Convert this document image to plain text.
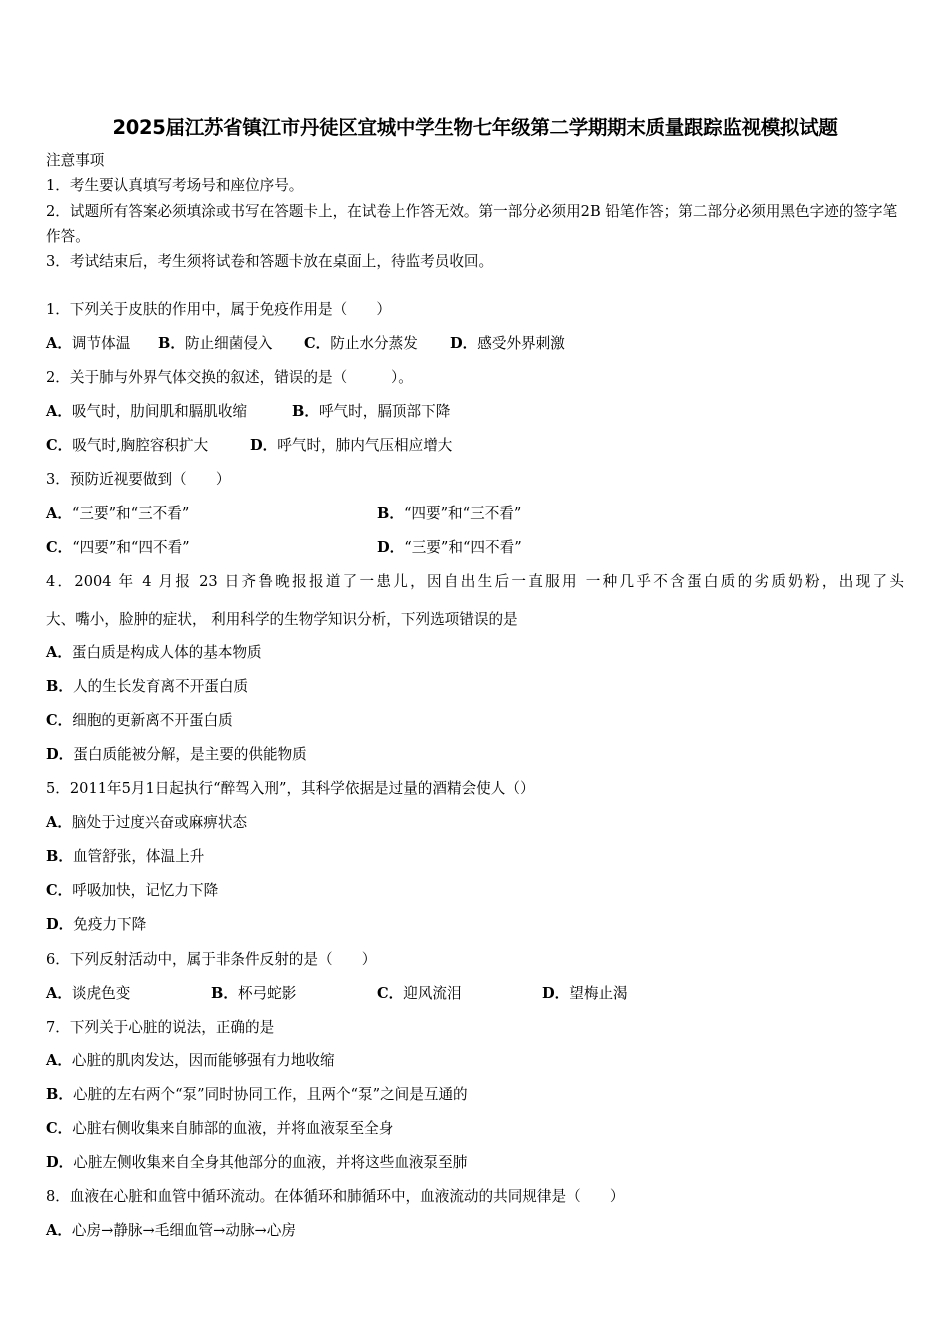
2025届江苏省镇江市丹徒区宜城中学生物七年级第二学期期末质量跟踪监视模拟试题
注意事项
1．考生要认真填写考场号和座位序号。
2．试题所有答案必须填涂或书写在答题卡上，在试卷上作答无效。第一部分必须用2B 铅笔作答；第二部分必须用黑色字迹的签字笔作答。
3．考试结束后，考生须将试卷和答题卡放在桌面上，待监考员收回。
1．下列关于皮肤的作用中，属于免疫作用是（　　）
A．调节体温 B．防止细菌侵入 C．防止水分蒸发 D．感受外界刺激
2．关于肺与外界气体交换的叙述，错误的是（　　　）。
A．吸气时，肋间肌和膈肌收缩	B．呼气时，膈顶部下降
C．吸气时,胸腔容积扩大	D．呼气时，肺内气压相应增大
3．预防近视要做到（　　）
A．“三要”和“三不看”	B．“四要”和“三不看”
C．“四要”和“四不看”	D．“三要”和“四不看”
4．2004 年 4 月报 23 日齐鲁晚报报道了一患儿，因自出生后一直服用 一种几乎不含蛋白质的劣质奶粉，出现了头
大、嘴小，脸肿的症状， 利用科学的生物学知识分析，下列选项错误的是
A．蛋白质是构成人体的基本物质
B．人的生长发育离不开蛋白质
C．细胞的更新离不开蛋白质
D．蛋白质能被分解，是主要的供能物质
5．2011年5月1日起执行“醉驾入刑”，其科学依据是过量的酒精会使人（）
A．脑处于过度兴奋或麻痹状态
B．血管舒张，体温上升
C．呼吸加快，记忆力下降
D．免疫力下降
6．下列反射活动中，属于非条件反射的是（　　）
A．谈虎色变	B．杯弓蛇影	C．迎风流泪	D．望梅止渴
7．下列关于心脏的说法，正确的是
A．心脏的肌肉发达，因而能够强有力地收缩
B．心脏的左右两个“泵”同时协同工作，且两个“泵”之间是互通的
C．心脏右侧收集来自肺部的血液，并将血液泵至全身
D．心脏左侧收集来自全身其他部分的血液，并将这些血液泵至肺
8．血液在心脏和血管中循环流动。在体循环和肺循环中，血液流动的共同规律是（　　）
A．心房→静脉→毛细血管→动脉→心房
